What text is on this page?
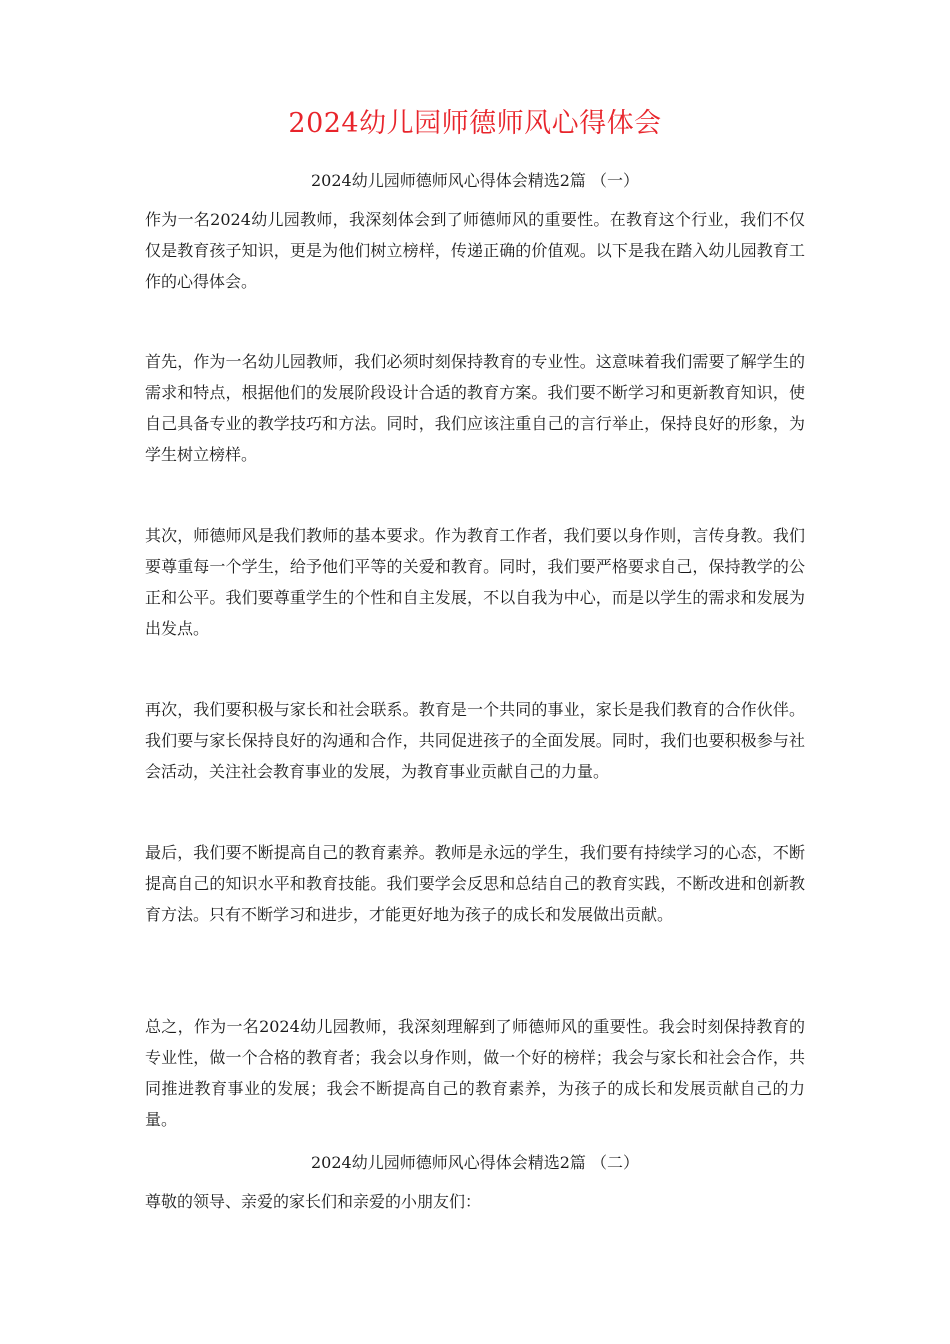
2024幼儿园师德师风心得体会
2024幼儿园师德师风心得体会精选2篇 （一）
作为一名2024幼儿园教师，我深刻体会到了师德师风的重要性。在教育这个行业，我们不仅仅是教育孩子知识，更是为他们树立榜样，传递正确的价值观。以下是我在踏入幼儿园教育工作的心得体会。
首先，作为一名幼儿园教师，我们必须时刻保持教育的专业性。这意味着我们需要了解学生的需求和特点，根据他们的发展阶段设计合适的教育方案。我们要不断学习和更新教育知识，使自己具备专业的教学技巧和方法。同时，我们应该注重自己的言行举止，保持良好的形象，为学生树立榜样。
其次，师德师风是我们教师的基本要求。作为教育工作者，我们要以身作则，言传身教。我们要尊重每一个学生，给予他们平等的关爱和教育。同时，我们要严格要求自己，保持教学的公正和公平。我们要尊重学生的个性和自主发展，不以自我为中心，而是以学生的需求和发展为出发点。
再次，我们要积极与家长和社会联系。教育是一个共同的事业，家长是我们教育的合作伙伴。我们要与家长保持良好的沟通和合作，共同促进孩子的全面发展。同时，我们也要积极参与社会活动，关注社会教育事业的发展，为教育事业贡献自己的力量。
最后，我们要不断提高自己的教育素养。教师是永远的学生，我们要有持续学习的心态，不断提高自己的知识水平和教育技能。我们要学会反思和总结自己的教育实践，不断改进和创新教育方法。只有不断学习和进步，才能更好地为孩子的成长和发展做出贡献。
总之，作为一名2024幼儿园教师，我深刻理解到了师德师风的重要性。我会时刻保持教育的专业性，做一个合格的教育者；我会以身作则，做一个好的榜样；我会与家长和社会合作，共同推进教育事业的发展；我会不断提高自己的教育素养，为孩子的成长和发展贡献自己的力量。
2024幼儿园师德师风心得体会精选2篇 （二）
尊敬的领导、亲爱的家长们和亲爱的小朋友们：
